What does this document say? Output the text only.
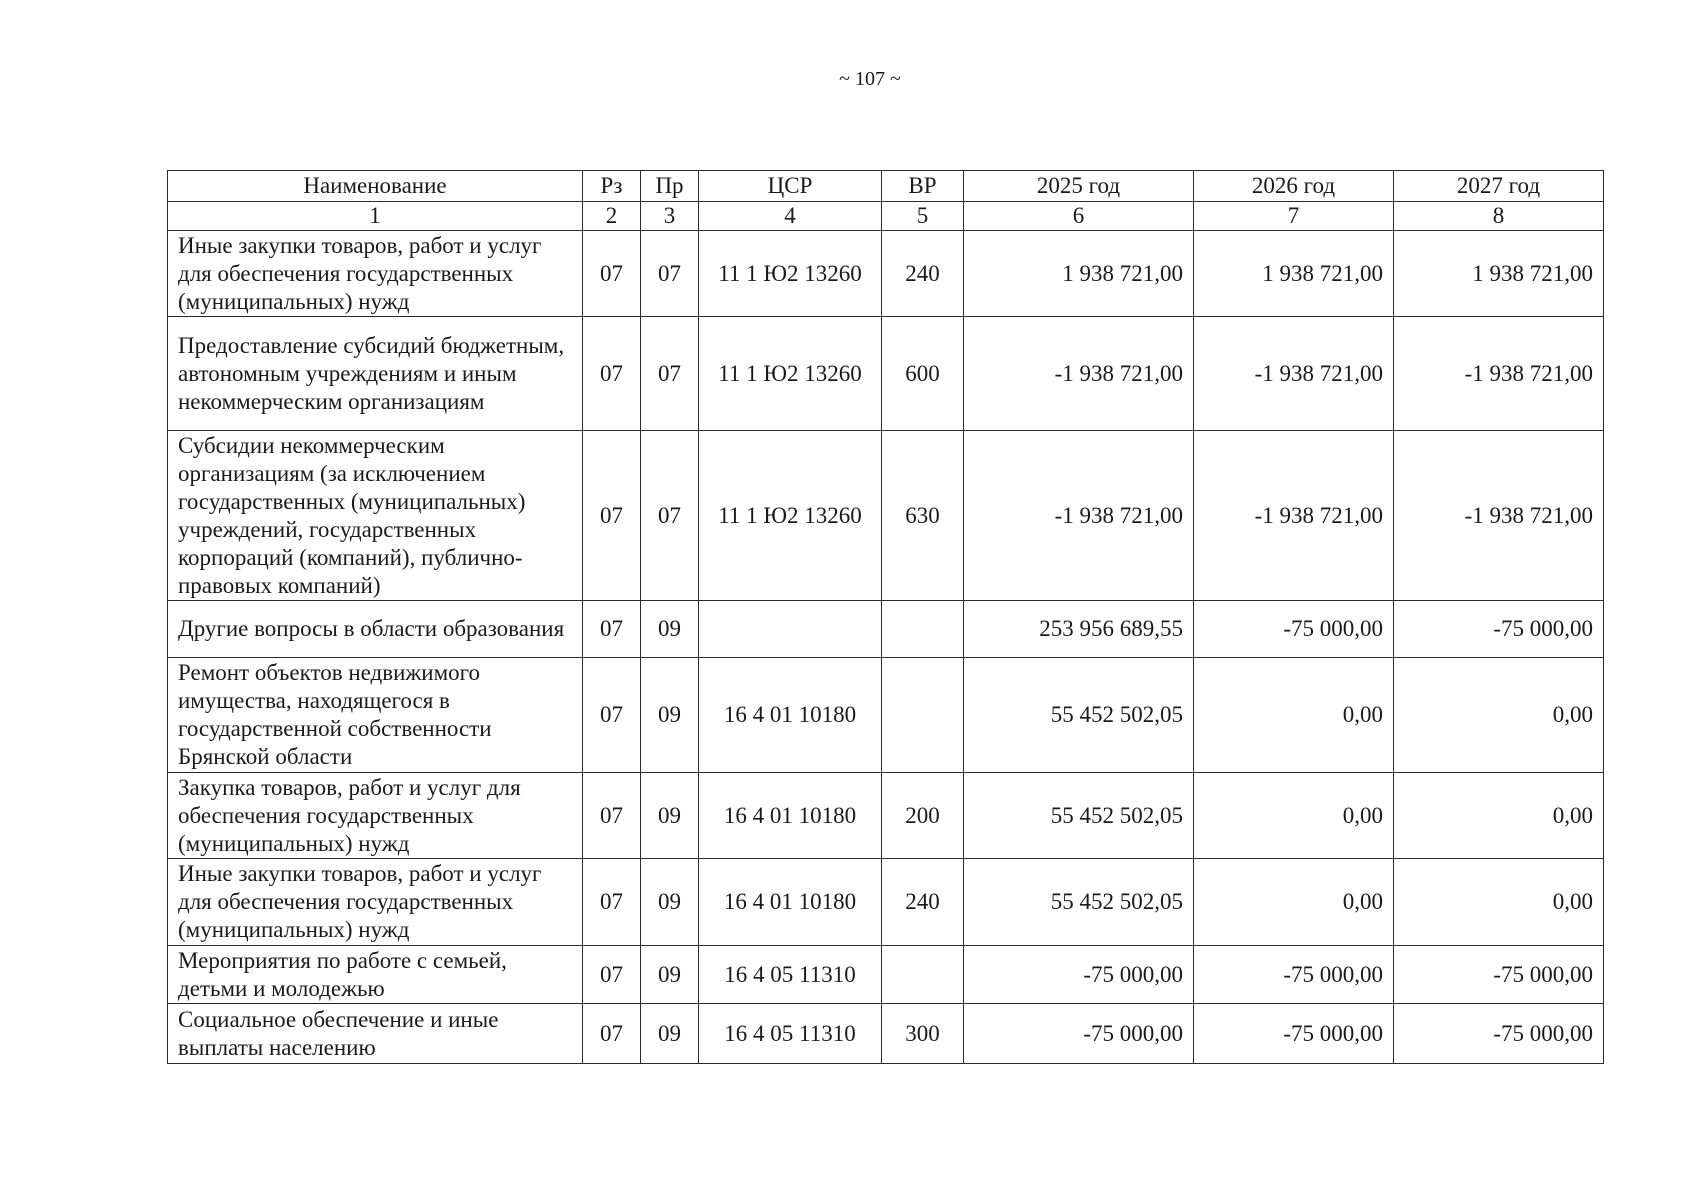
~ 107 ~
Наименование	Рз	Пр	ЦСР	ВР	2025 год	2026 год	2027 год
1	2	3	4	5	6	7	8
Иные закупки товаров, работ и услуг для обеспечения государственных (муниципальных) нужд	07	07	11 1 Ю2 13260	240	1 938 721,00	1 938 721,00	1 938 721,00
Предоставление субсидий бюджетным, автономным учреждениям и иным некоммерческим организациям	07	07	11 1 Ю2 13260	600	-1 938 721,00	-1 938 721,00	-1 938 721,00
Субсидии некоммерческим организациям (за исключением государственных (муниципальных) учреждений, государственных корпораций (компаний), публично-правовых компаний)	07	07	11 1 Ю2 13260	630	-1 938 721,00	-1 938 721,00	-1 938 721,00
Другие вопросы в области образования	07	09			253 956 689,55	-75 000,00	-75 000,00
Ремонт объектов недвижимого имущества, находящегося в государственной собственности Брянской области	07	09	16 4 01 10180		55 452 502,05	0,00	0,00
Закупка товаров, работ и услуг для обеспечения государственных (муниципальных) нужд	07	09	16 4 01 10180	200	55 452 502,05	0,00	0,00
Иные закупки товаров, работ и услуг для обеспечения государственных (муниципальных) нужд	07	09	16 4 01 10180	240	55 452 502,05	0,00	0,00
Мероприятия по работе с семьей, детьми и молодежью	07	09	16 4 05 11310		-75 000,00	-75 000,00	-75 000,00
Социальное обеспечение и иные выплаты населению	07	09	16 4 05 11310	300	-75 000,00	-75 000,00	-75 000,00
